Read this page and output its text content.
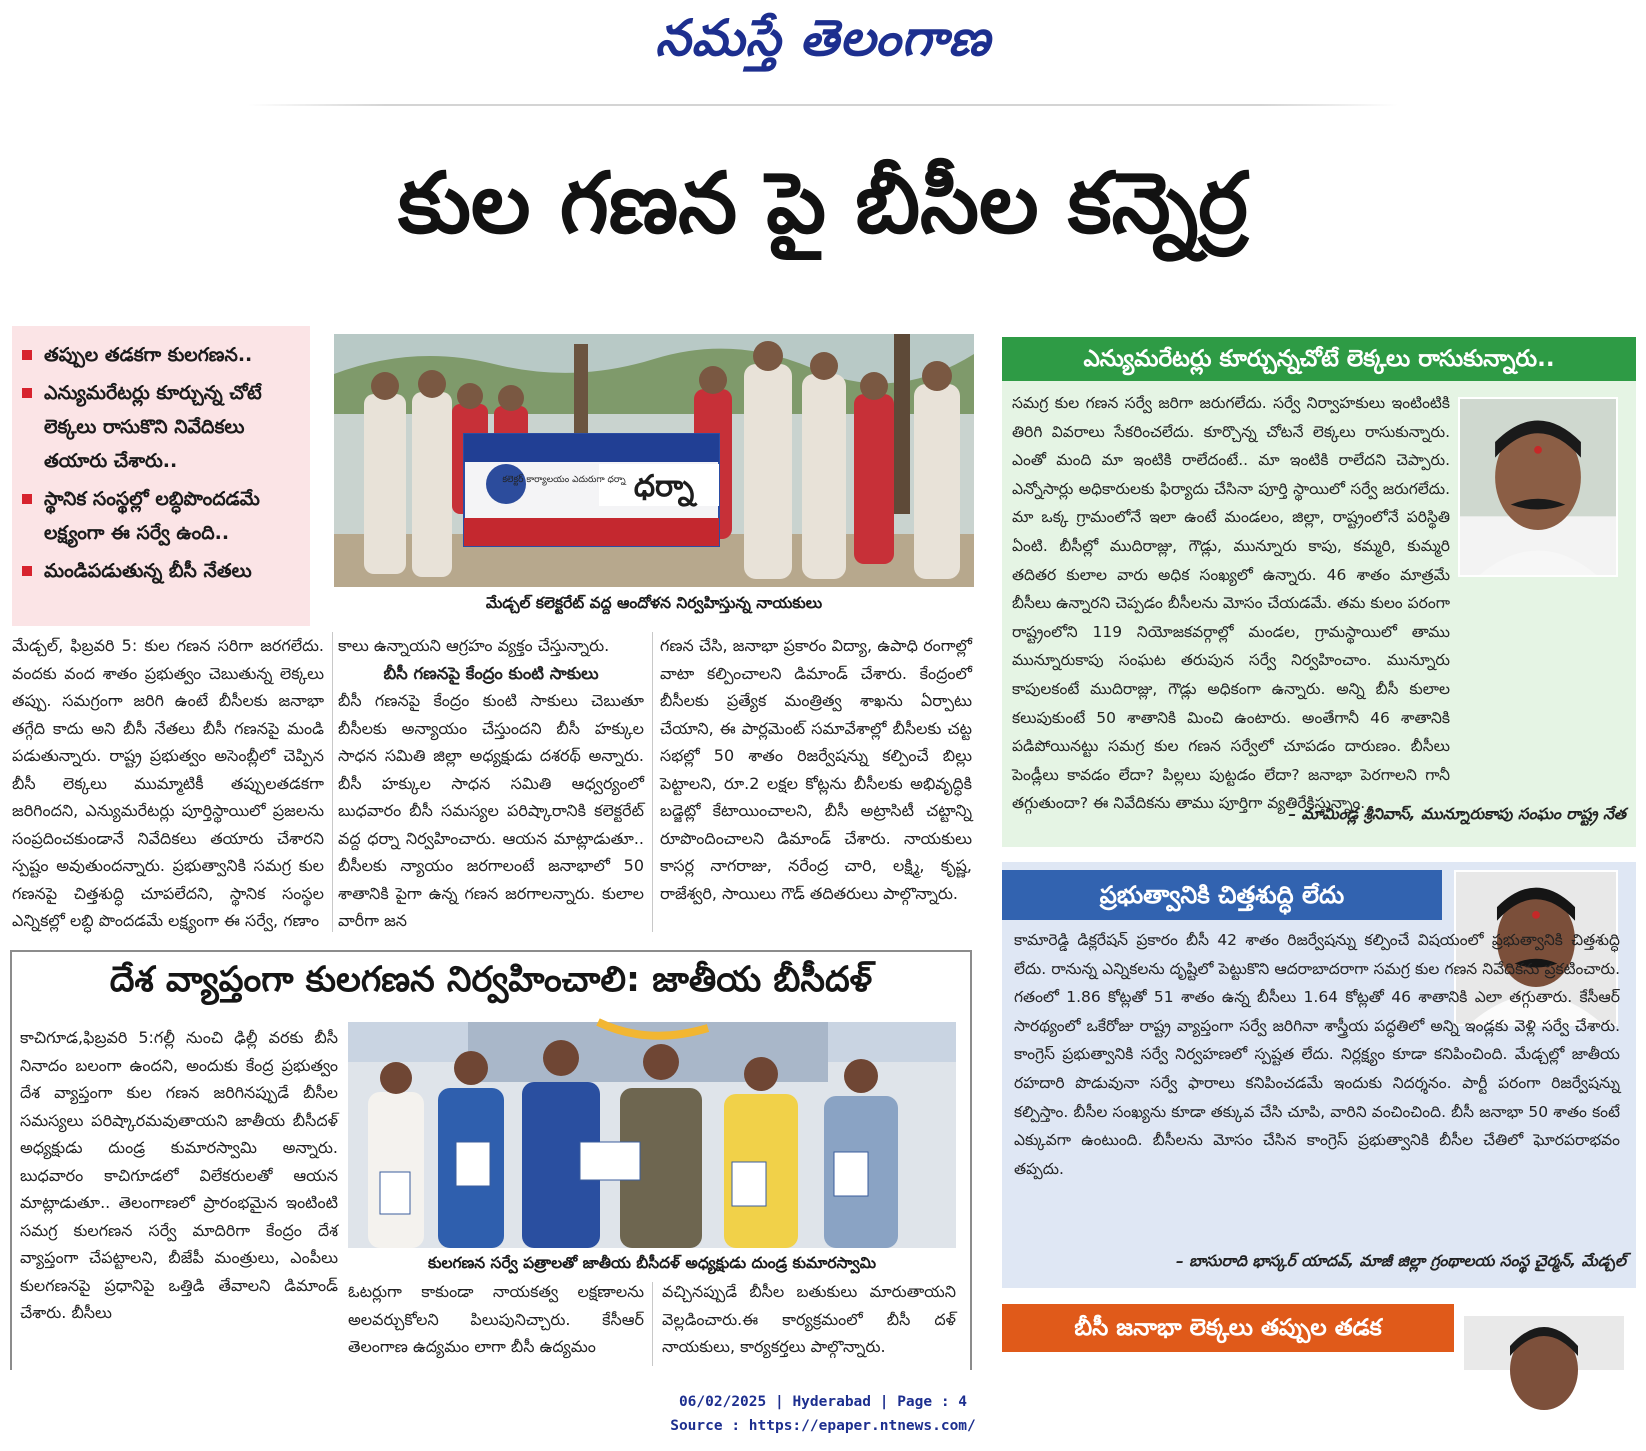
నమస్తే తెలంగాణ
కుల గణన పై బీసీల కన్నెర్ర
తప్పుల తడకగా కులగణన..
ఎన్యుమరేటర్లు కూర్చున్న చోటే లెక్కలు రాసుకొని నివేదికలు తయారు చేశారు..
స్థానిక సంస్థల్లో లబ్ధిపొందడమే లక్ష్యంగా ఈ సర్వే ఉంది..
మండిపడుతున్న బీసీ నేతలు
ధర్నా
కలెక్టర్ కార్యాలయం ఎదురుగా ధర్నా
మేడ్చల్ కలెక్టరేట్ వద్ద ఆందోళన నిర్వహిస్తున్న నాయకులు

మేడ్చల్, ఫిబ్రవరి 5: కుల గణన సరిగా జరగలేదు. వందకు వంద శాతం ప్రభుత్వం చెబుతున్న లెక్కలు తప్పు. సమగ్రంగా జరిగి ఉంటే బీసీలకు జనాభా తగ్గేది కాదు అని బీసీ నేతలు బీసీ గణనపై మండి పడుతున్నారు. రాష్ట్ర ప్రభుత్వం అసెంబ్లీలో చెప్పిన బీసీ లెక్కలు ముమ్మాటికీ తప్పులతడకగా జరిగిందని, ఎన్యుమరేటర్లు పూర్తిస్థాయిలో ప్రజలను సంప్రదించకుండానే నివేదికలు తయారు చేశారని స్పష్టం అవుతుందన్నారు. ప్రభుత్వానికి సమగ్ర కుల గణనపై చిత్తశుద్ధి చూపలేదని, స్థానిక సంస్థల ఎన్నికల్లో లబ్ధి పొందడమే లక్ష్యంగా ఈ సర్వే, గణాం

కాలు ఉన్నాయని ఆగ్రహం వ్యక్తం చేస్తున్నారు.

బీసీ గణనపై కేంద్రం కుంటి సాకులు

బీసీ గణనపై కేంద్రం కుంటి సాకులు చెబుతూ బీసీలకు అన్యాయం చేస్తుందని బీసీ హక్కుల సాధన సమితి జిల్లా అధ్యక్షుడు దశరథ్ అన్నారు. బీసీ హక్కుల సాధన సమితి ఆధ్వర్యంలో బుధవారం బీసీ సమస్యల పరిష్కారానికి కలెక్టరేట్ వద్ద ధర్నా నిర్వహించారు. ఆయన మాట్లాడుతూ.. బీసీలకు న్యాయం జరగాలంటే జనాభాలో 50 శాతానికి పైగా ఉన్న గణన జరగాలన్నారు. కులాల వారీగా జన

గణన చేసి, జనాభా ప్రకారం విద్యా, ఉపాధి రంగాల్లో వాటా కల్పించాలని డిమాండ్ చేశారు. కేంద్రంలో బీసీలకు ప్రత్యేక మంత్రిత్వ శాఖను ఏర్పాటు చేయాని, ఈ పార్లమెంట్ సమావేశాల్లో బీసీలకు చట్ట సభల్లో 50 శాతం రిజర్వేషన్ను కల్పించే బిల్లు పెట్టాలని, రూ.2 లక్షల కోట్లను బీసీలకు అభివృద్ధికి బడ్జెట్లో కేటాయించాలని, బీసీ అట్రాసిటీ చట్టాన్ని రూపొందించాలని డిమాండ్ చేశారు. నాయకులు కాసర్ల నాగరాజు, నరేంద్ర చారి, లక్ష్మి, కృష్ణ, రాజేశ్వరి, సాయిలు గౌడ్ తదితరులు పాల్గొన్నారు.

ఎన్యుమరేటర్లు కూర్చున్నచోటే లెక్కలు రాసుకున్నారు..
సమగ్ర కుల గణన సర్వే జరిగా జరుగలేదు. సర్వే నిర్వాహకులు ఇంటింటికి తిరిగి వివరాలు సేకరించలేదు. కూర్చొన్న చోటనే లెక్కలు రాసుకున్నారు. ఎంతో మంది మా ఇంటికి రాలేదంటే.. మా ఇంటికి రాలేదని చెప్పారు. ఎన్నోసార్లు అధికారులకు ఫిర్యాదు చేసినా పూర్తి స్థాయిలో సర్వే జరుగలేదు. మా ఒక్క గ్రామంలోనే ఇలా ఉంటే మండలం, జిల్లా, రాష్ట్రంలోనే పరిస్థితి ఏంటి. బీసీల్లో ముదిరాజ్లు, గౌడ్లు, మున్నూరు కాపు, కమ్మరి, కుమ్మరి తదితర కులాల వారు అధిక సంఖ్యలో ఉన్నారు. 46 శాతం మాత్రమే బీసీలు ఉన్నారని చెప్పడం బీసీలను మోసం చేయడమే. తమ కులం పరంగా రాష్ట్రంలోని 119 నియోజకవర్గాల్లో మండల, గ్రామస్థాయిలో తాము మున్నూరుకాపు సంఘట తరుపున సర్వే నిర్వహించాం. మున్నూరు కాపులకంటే ముదిరాజ్లు, గౌడ్లు అధికంగా ఉన్నారు. అన్ని బీసీ కులాల కలుపుకుంటే 50 శాతానికి మించి ఉంటారు. అంతేగానీ 46 శాతానికి పడిపోయినట్టు సమగ్ర కుల గణన సర్వేలో చూపడం దారుణం. బీసీలు పెండ్లీలు కావడం లేదా? పిల్లలు పుట్టడం లేదా? జనాభా పెరగాలని గానీ తగ్గుతుందా? ఈ నివేదికను తాము పూర్తిగా వ్యతిరేకిస్తున్నాం.
– మామిండ్ల శ్రీనివాస్, మున్నూరుకాపు సంఘం రాష్ట్ర నేత
ప్రభుత్వానికి చిత్తశుద్ధి లేదు
కామారెడ్డి డిక్లరేషన్ ప్రకారం బీసీ 42 శాతం రిజర్వేషన్ను కల్పించే విషయంలో ప్రభుత్వానికి చిత్తశుద్ధి లేదు. రానున్న ఎన్నికలను దృష్టిలో పెట్టుకొని ఆదరాబాదరాగా సమగ్ర కుల గణన నివేదికను ప్రకటించారు. గతంలో 1.86 కోట్లతో 51 శాతం ఉన్న బీసీలు 1.64 కోట్లతో 46 శాతానికి ఎలా తగ్గుతారు. కేసీఆర్ సారథ్యంలో ఒకేరోజు రాష్ట్ర వ్యాప్తంగా సర్వే జరిగినా శాస్త్రీయ పద్ధతిలో అన్ని ఇండ్లకు వెళ్లి సర్వే చేశారు. కాంగ్రెస్ ప్రభుత్వానికి సర్వే నిర్వహణలో స్పష్టత లేదు. నిర్లక్ష్యం కూడా కనిపించింది. మేడ్చల్లో జాతీయ రహదారి పొడువునా సర్వే ఫారాలు కనిపించడమే ఇందుకు నిదర్శనం. పార్టీ పరంగా రిజర్వేషన్ను కల్పిస్తాం. బీసీల సంఖ్యను కూడా తక్కువ చేసి చూపి, వారిని వంచించింది. బీసీ జనాభా 50 శాతం కంటే ఎక్కువగా ఉంటుంది. బీసీలను మోసం చేసిన కాంగ్రెస్ ప్రభుత్వానికి బీసీల చేతిలో ఘోరపరాభవం తప్పదు.
– బాసురాది భాస్కర్ యాదవ్, మాజీ జిల్లా గ్రంథాలయ సంస్థ చైర్మన్, మేడ్చల్
బీసీ జనాభా లెక్కలు తప్పుల తడక
దేశ వ్యాప్తంగా కులగణన నిర్వహించాలి: జాతీయ బీసీదళ్

కాచిగూడ,ఫిబ్రవరి 5:గల్లీ నుంచి ఢిల్లీ వరకు బీసీ నినాదం బలంగా ఉందని, అందుకు కేంద్ర ప్రభుత్వం దేశ వ్యాప్తంగా కుల గణన జరిగినప్పుడే బీసీల సమస్యలు పరిష్కారమవుతాయని జాతీయ బీసీదళ్ అధ్యక్షుడు దుండ్ర కుమారస్వామి అన్నారు. బుధవారం కాచిగూడలో విలేకరులతో ఆయన మాట్లాడుతూ.. తెలంగాణలో ప్రారంభమైన ఇంటింటి సమగ్ర కులగణన సర్వే మాదిరిగా కేంద్రం దేశ వ్యాప్తంగా చేపట్టాలని, బీజేపీ మంత్రులు, ఎంపీలు కులగణనపై ప్రధానిపై ఒత్తిడి తేవాలని డిమాండ్ చేశారు. బీసీలు

కులగణన సర్వే పత్రాలతో జాతీయ బీసీదళ్ అధ్యక్షుడు దుండ్ర కుమారస్వామి

ఓటర్లుగా కాకుండా నాయకత్వ లక్షణాలను అలవర్చుకోలని పిలుపునిచ్చారు. కేసీఆర్ తెలంగాణ ఉద్యమం లాగా బీసీ ఉద్యమం

వచ్చినప్పుడే బీసీల బతుకులు మారుతాయని వెల్లడించారు.ఈ కార్యక్రమంలో బీసీ దళ్ నాయకులు, కార్యకర్తలు పాల్గొన్నారు.

06/02/2025 | Hyderabad | Page : 4
Source : https://epaper.ntnews.com/
